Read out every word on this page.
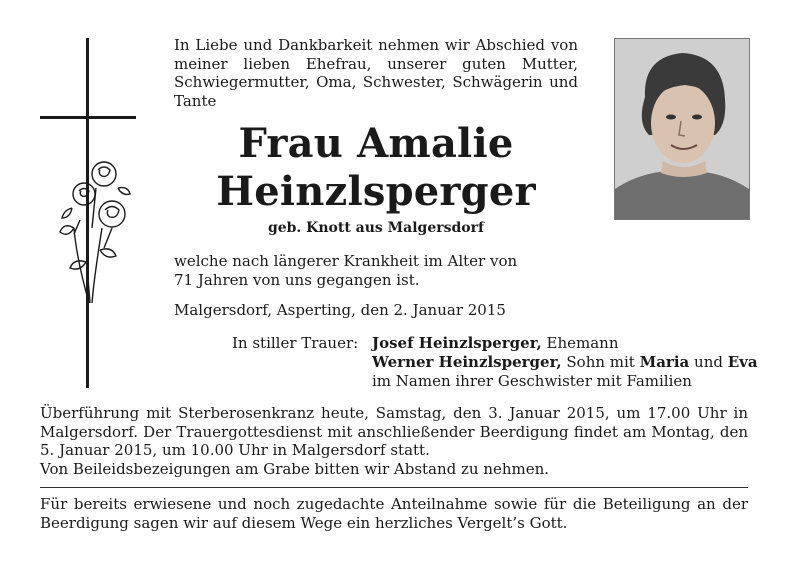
In Liebe und Dankbarkeit nehmen wir Abschied von meiner lieben Ehefrau, unserer guten Mutter, Schwiegermutter, Oma, Schwester, Schwägerin und Tante
Frau Amalie
Heinzlsperger
geb. Knott aus Malgersdorf
welche nach längerer Krankheit im Alter von
71 Jahren von uns gegangen ist.
Malgersdorf, Asperting, den 2. Januar 2015
In stiller Trauer: Josef Heinzlsperger, Ehemann
Werner Heinzlsperger, Sohn mit Maria und Eva
im Namen ihrer Geschwister mit Familien
Überführung mit Sterberosenkranz heute, Samstag, den 3. Januar 2015, um 17.00 Uhr in Malgersdorf. Der Trauergottesdienst mit anschließender Beerdigung findet am Montag, den 5. Januar 2015, um 10.00 Uhr in Malgersdorf statt.
Von Beileidsbezeigungen am Grabe bitten wir Abstand zu nehmen.
Für bereits erwiesene und noch zugedachte Anteilnahme sowie für die Beteiligung an der Beerdigung sagen wir auf diesem Wege ein herzliches Vergelt’s Gott.
